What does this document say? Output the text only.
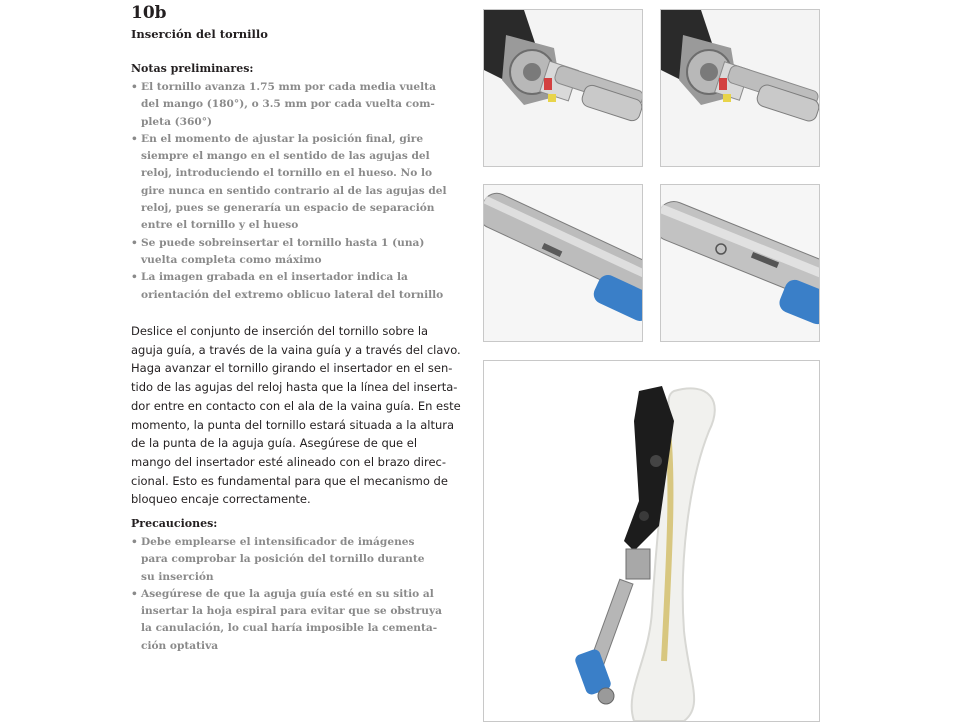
10b
Inserción del tornillo
Notas preliminares:
• El tornillo avanza 1.75 mm por cada media vuelta
del mango (180°), o 3.5 mm por cada vuelta com-
pleta (360°)
• En el momento de ajustar la posición final, gire
siempre el mango en el sentido de las agujas del
reloj, introduciendo el tornillo en el hueso. No lo
gire nunca en sentido contrario al de las agujas del
reloj, pues se generaría un espacio de separación
entre el tornillo y el hueso
• Se puede sobreinsertar el tornillo hasta 1 (una)
vuelta completa como máximo
• La imagen grabada en el insertador indica la
orientación del extremo oblicuo lateral del tornillo
Deslice el conjunto de inserción del tornillo sobre la
aguja guía, a través de la vaina guía y a través del clavo.
Haga avanzar el tornillo girando el insertador en el sen-
tido de las agujas del reloj hasta que la línea del inserta-
dor entre en contacto con el ala de la vaina guía. En este
momento, la punta del tornillo estará situada a la altura
de la punta de la aguja guía. Asegúrese de que el
mango del insertador esté alineado con el brazo direc-
cional. Esto es fundamental para que el mecanismo de
bloqueo encaje correctamente.
Precauciones:
• Debe emplearse el intensificador de imágenes
para comprobar la posición del tornillo durante
su inserción
• Asegúrese de que la aguja guía esté en su sitio al
insertar la hoja espiral para evitar que se obstruya
la canulación, lo cual haría imposible la cementa-
ción optativa
